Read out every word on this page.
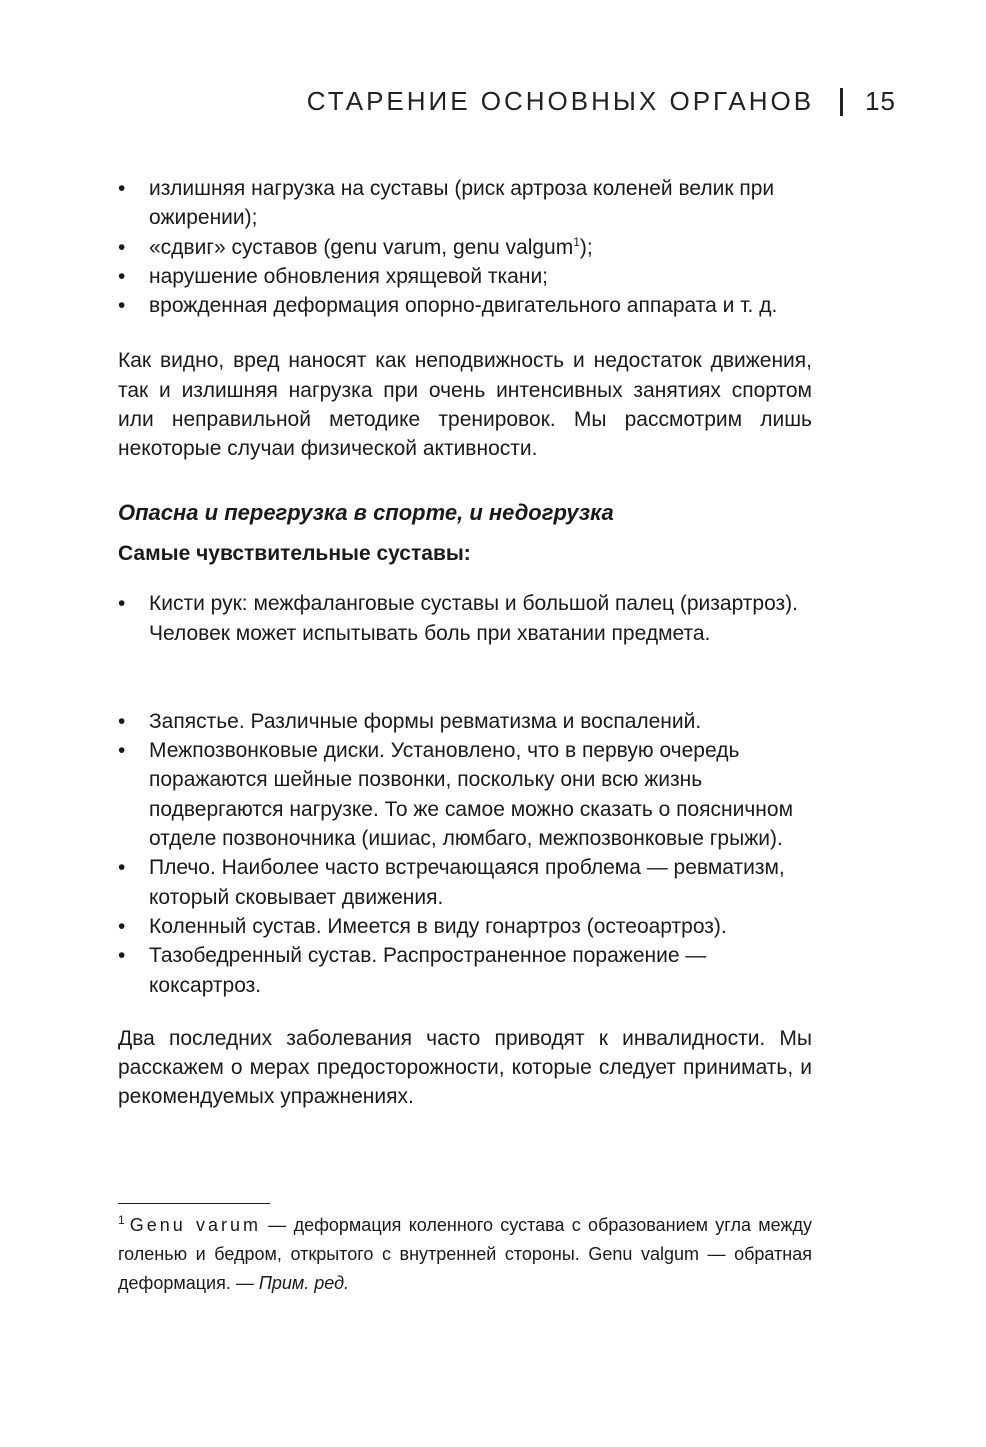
СТАРЕНИЕ ОСНОВНЫХ ОРГАНОВ 15
• излишняя нагрузка на суставы (риск артроза коленей велик при ожирении);
• «сдвиг» суставов (genu varum, genu valgum$^1$);
• нарушение обновления хрящевой ткани;
• врожденная деформация опорно-двигательного аппарата и т. д.

Как видно, вред наносят как неподвижность и недостаток движения, так и излишняя нагрузка при очень интенсивных занятиях спортом или неправильной методике тренировок. Мы рассмотрим лишь некоторые случаи физической активности.

Опасна и перегрузка в спорте, и недогрузка
Самые чувствительные суставы:
• Кисти рук: межфаланговые суставы и большой палец (ризартроз). Человек может испытывать боль при хватании предмета.
• Запястье. Различные формы ревматизма и воспалений.
• Межпозвонковые диски. Установлено, что в первую очередь поражаются шейные позвонки, поскольку они всю жизнь подвергаются нагрузке. То же самое можно сказать о поясничном отделе позвоночника (ишиас, люмбаго, межпозвонковые грыжи).
• Плечо. Наиболее часто встречающаяся проблема — ревматизм, который сковывает движения.
• Коленный сустав. Имеется в виду гонартроз (остеоартроз).
• Тазобедренный сустав. Распространенное поражение — коксартроз.

Два последних заболевания часто приводят к инвалидности. Мы расскажем о мерах предосторожности, которые следует принимать, и рекомендуемых упражнениях.

$^1$ Genu varum — деформация коленного сустава с образованием угла между голенью и бедром, открытого с внутренней стороны. Genu valgum — обратная деформация. — Прим. ред.
